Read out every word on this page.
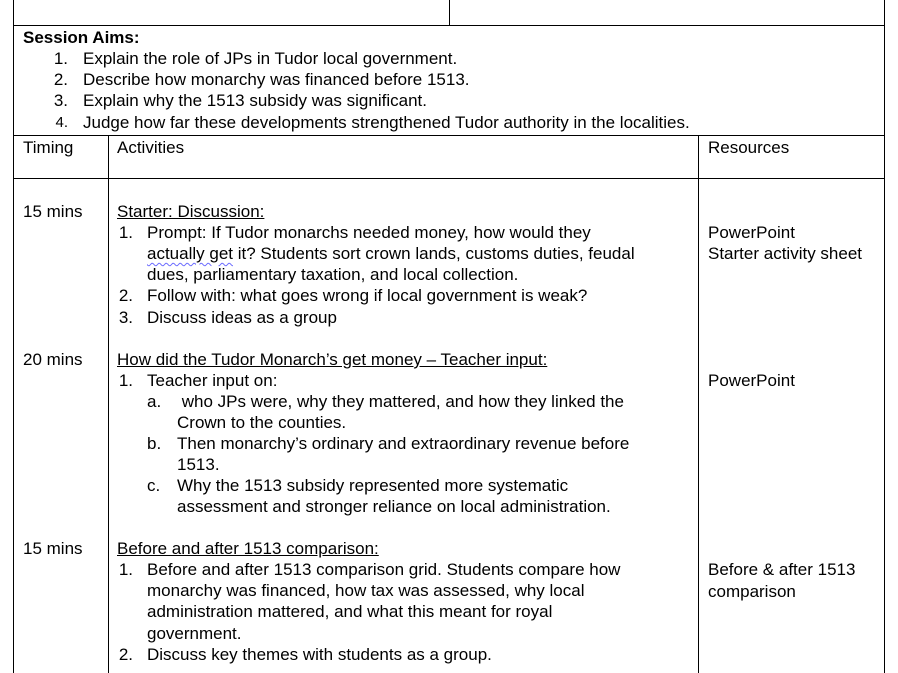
Session Aims:
1. Explain the role of JPs in Tudor local government.
2. Describe how monarchy was financed before 1513.
3. Explain why the 1513 subsidy was significant.
4. Judge how far these developments strengthened Tudor authority in the localities.
Timing	Activities	Resources
15 mins Starter: Discussion:
1. Prompt: If Tudor monarchs needed money, how would they
actually get it? Students sort crown lands, customs duties, feudal
dues, parliamentary taxation, and local collection.
2. Follow with: what goes wrong if local government is weak?
3. Discuss ideas as a group
PowerPoint
Starter activity sheet
20 mins How did the Tudor Monarch’s get money – Teacher input:
1. Teacher input on:
a. who JPs were, why they mattered, and how they linked the
Crown to the counties.
b. Then monarchy’s ordinary and extraordinary revenue before
1513.
c. Why the 1513 subsidy represented more systematic
assessment and stronger reliance on local administration.
PowerPoint
15 mins Before and after 1513 comparison:
1. Before and after 1513 comparison grid. Students compare how
monarchy was financed, how tax was assessed, why local
administration mattered, and what this meant for royal
government.
2. Discuss key themes with students as a group.
Before & after 1513
comparison
